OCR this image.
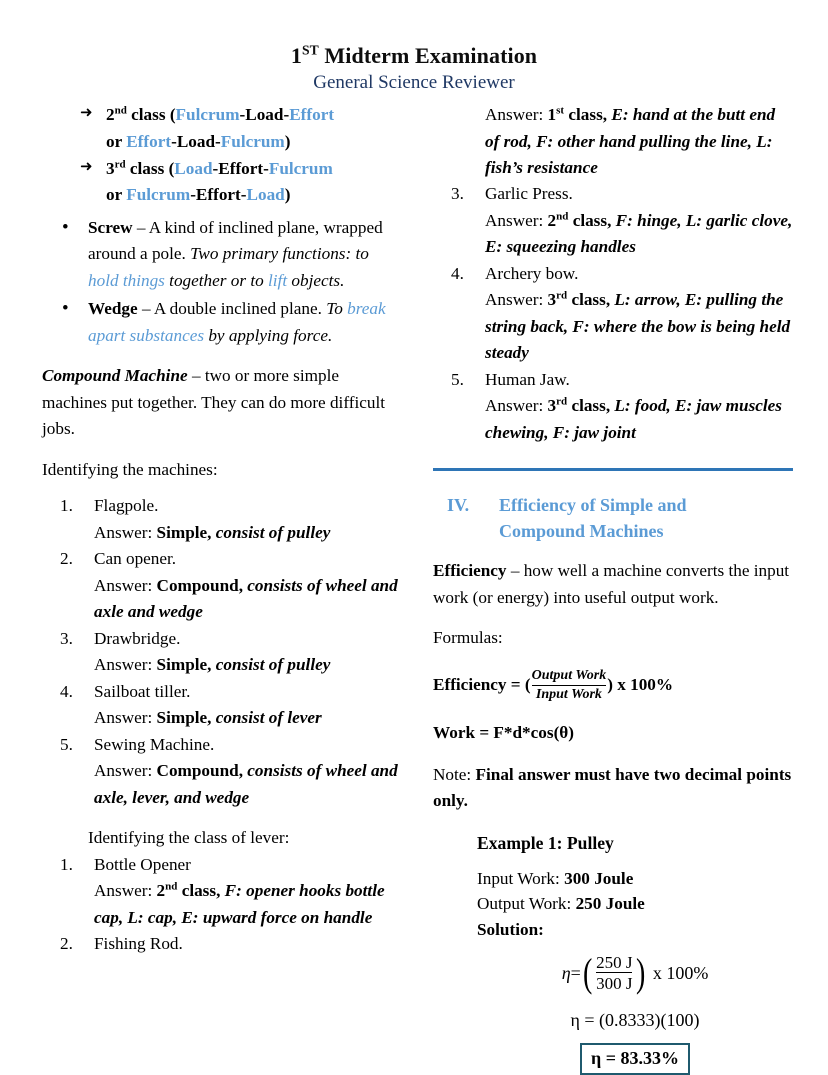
1ST Midterm Examination
General Science Reviewer
➜ 2nd class (Fulcrum-Load-Effort
or Effort-Load-Fulcrum)
➜ 3rd class (Load-Effort-Fulcrum
or Fulcrum-Effort-Load)
• Screw – A kind of inclined plane, wrapped around a pole. Two primary functions: to hold things together or to lift objects.
• Wedge – A double inclined plane. To break apart substances by applying force.

Compound Machine – two or more simple machines put together. They can do more difficult jobs.

Identifying the machines:

Flagpole.
Answer: Simple, consist of pulley
Can opener.
Answer: Compound, consists of wheel and axle and wedge
Drawbridge.
Answer: Simple, consist of pulley
Sailboat tiller.
Answer: Simple, consist of lever
Sewing Machine.
Answer: Compound, consists of wheel and axle, lever, and wedge

Identifying the class of lever:

Bottle Opener
Answer: 2nd class, F: opener hooks bottle cap, L: cap, E: upward force on handle
Fishing Rod.
Answer: 1st class, E: hand at the butt end of rod, F: other hand pulling the line, L: fish’s resistance
3. Garlic Press.
Answer: 2nd class, F: hinge, L: garlic clove, E: squeezing handles
4. Archery bow.
Answer: 3rd class, L: arrow, E: pulling the string back, F: where the bow is being held steady
5. Human Jaw.
Answer: 3rd class, L: food, E: jaw muscles chewing, F: jaw joint
IV.	Efficiency of Simple and
Compound Machines

Efficiency – how well a machine converts the input work (or energy) into useful output work.

Formulas:

Efficiency = ( $\frac{\text{Output Work}}{\text{Input Work}}$ ) x 100%
Work = F*d*cos(θ)

Note: Final answer must have two decimal points only.

Example 1: Pulley
Input Work: 300 Joule
Output Work: 250 Joule
Solution:
η = ( $\frac{250 J}{300 J}$ ) x 100%
η = (0.8333)(100)
η = 83.33%
